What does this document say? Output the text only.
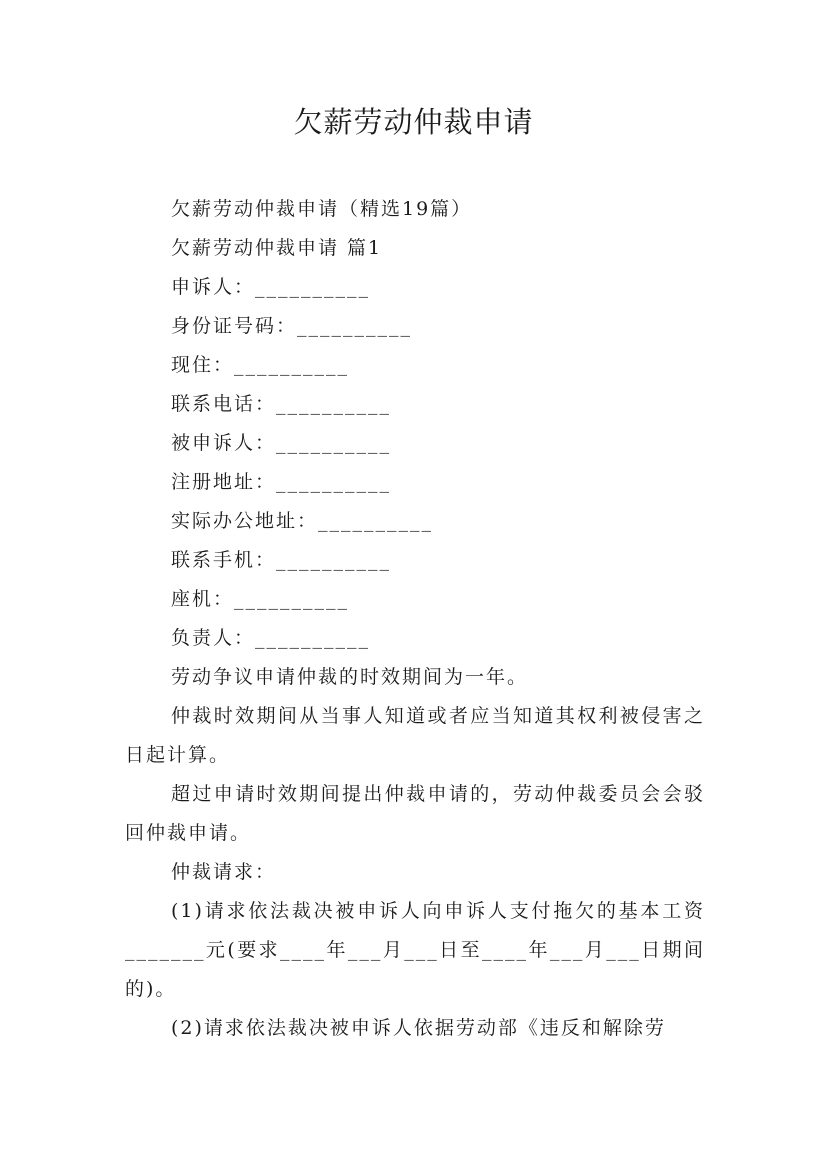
欠薪劳动仲裁申请

欠薪劳动仲裁申请（精选19篇）

欠薪劳动仲裁申请 篇1

申诉人：__________

身份证号码：__________

现住：__________

联系电话：__________

被申诉人：__________

注册地址：__________

实际办公地址：__________

联系手机：__________

座机：__________

负责人：__________

劳动争议申请仲裁的时效期间为一年。

仲裁时效期间从当事人知道或者应当知道其权利被侵害之日起计算。

超过申请时效期间提出仲裁申请的，劳动仲裁委员会会驳回仲裁申请。

仲裁请求：

(1)请求依法裁决被申诉人向申诉人支付拖欠的基本工资_______元(要求____年___月___日至____年___月___日期间的)。

(2)请求依法裁决被申诉人依据劳动部《违反和解除劳
